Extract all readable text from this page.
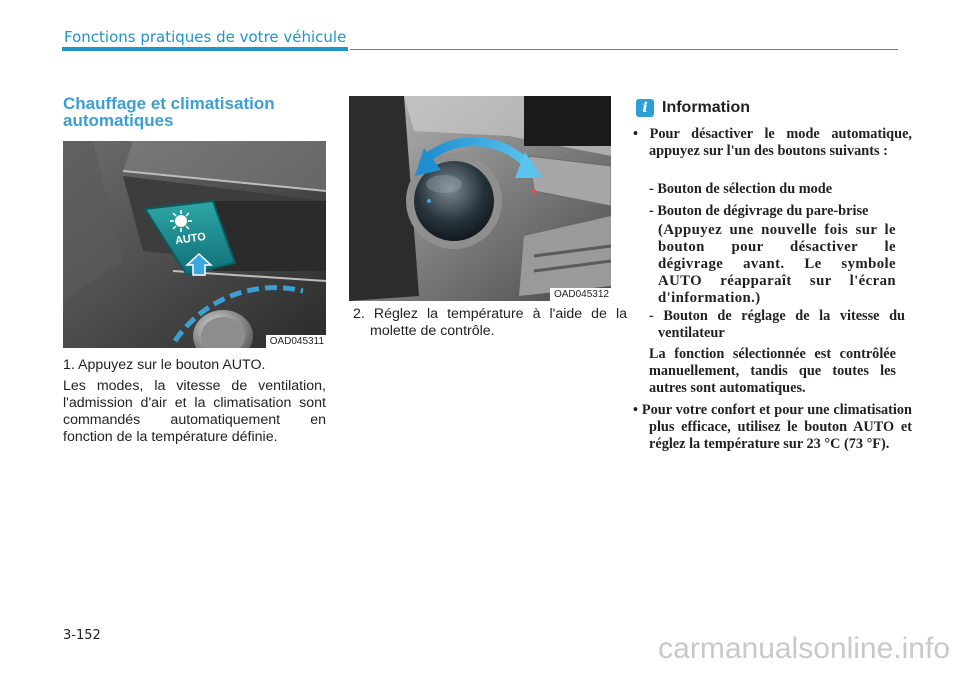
Fonctions pratiques de votre véhicule
Chauffage et climatisation automatiques
OAD045311
AUTO
1. Appuyez sur le bouton AUTO.
Les modes, la vitesse de ventilation, l'admission d'air et la climatisation sont commandés automatiquement en fonction de la température définie.
OAD045312
2. Réglez la température à l'aide de la molette de contrôle.
i Information
• Pour désactiver le mode automatique, appuyez sur l'un des boutons suivants :
- Bouton de sélection du mode
- Bouton de dégivrage du pare-brise
(Appuyez une nouvelle fois sur le bouton pour désactiver le dégivrage avant. Le symbole AUTO réapparaît sur l'écran d'information.)
- Bouton de réglage de la vitesse du ventilateur
La fonction sélectionnée est contrôlée manuellement, tandis que toutes les autres sont automatiques.
• Pour votre confort et pour une climatisation plus efficace, utilisez le bouton AUTO et réglez la température sur 23 °C (73 °F).
3-152	carmanualsonline.info
